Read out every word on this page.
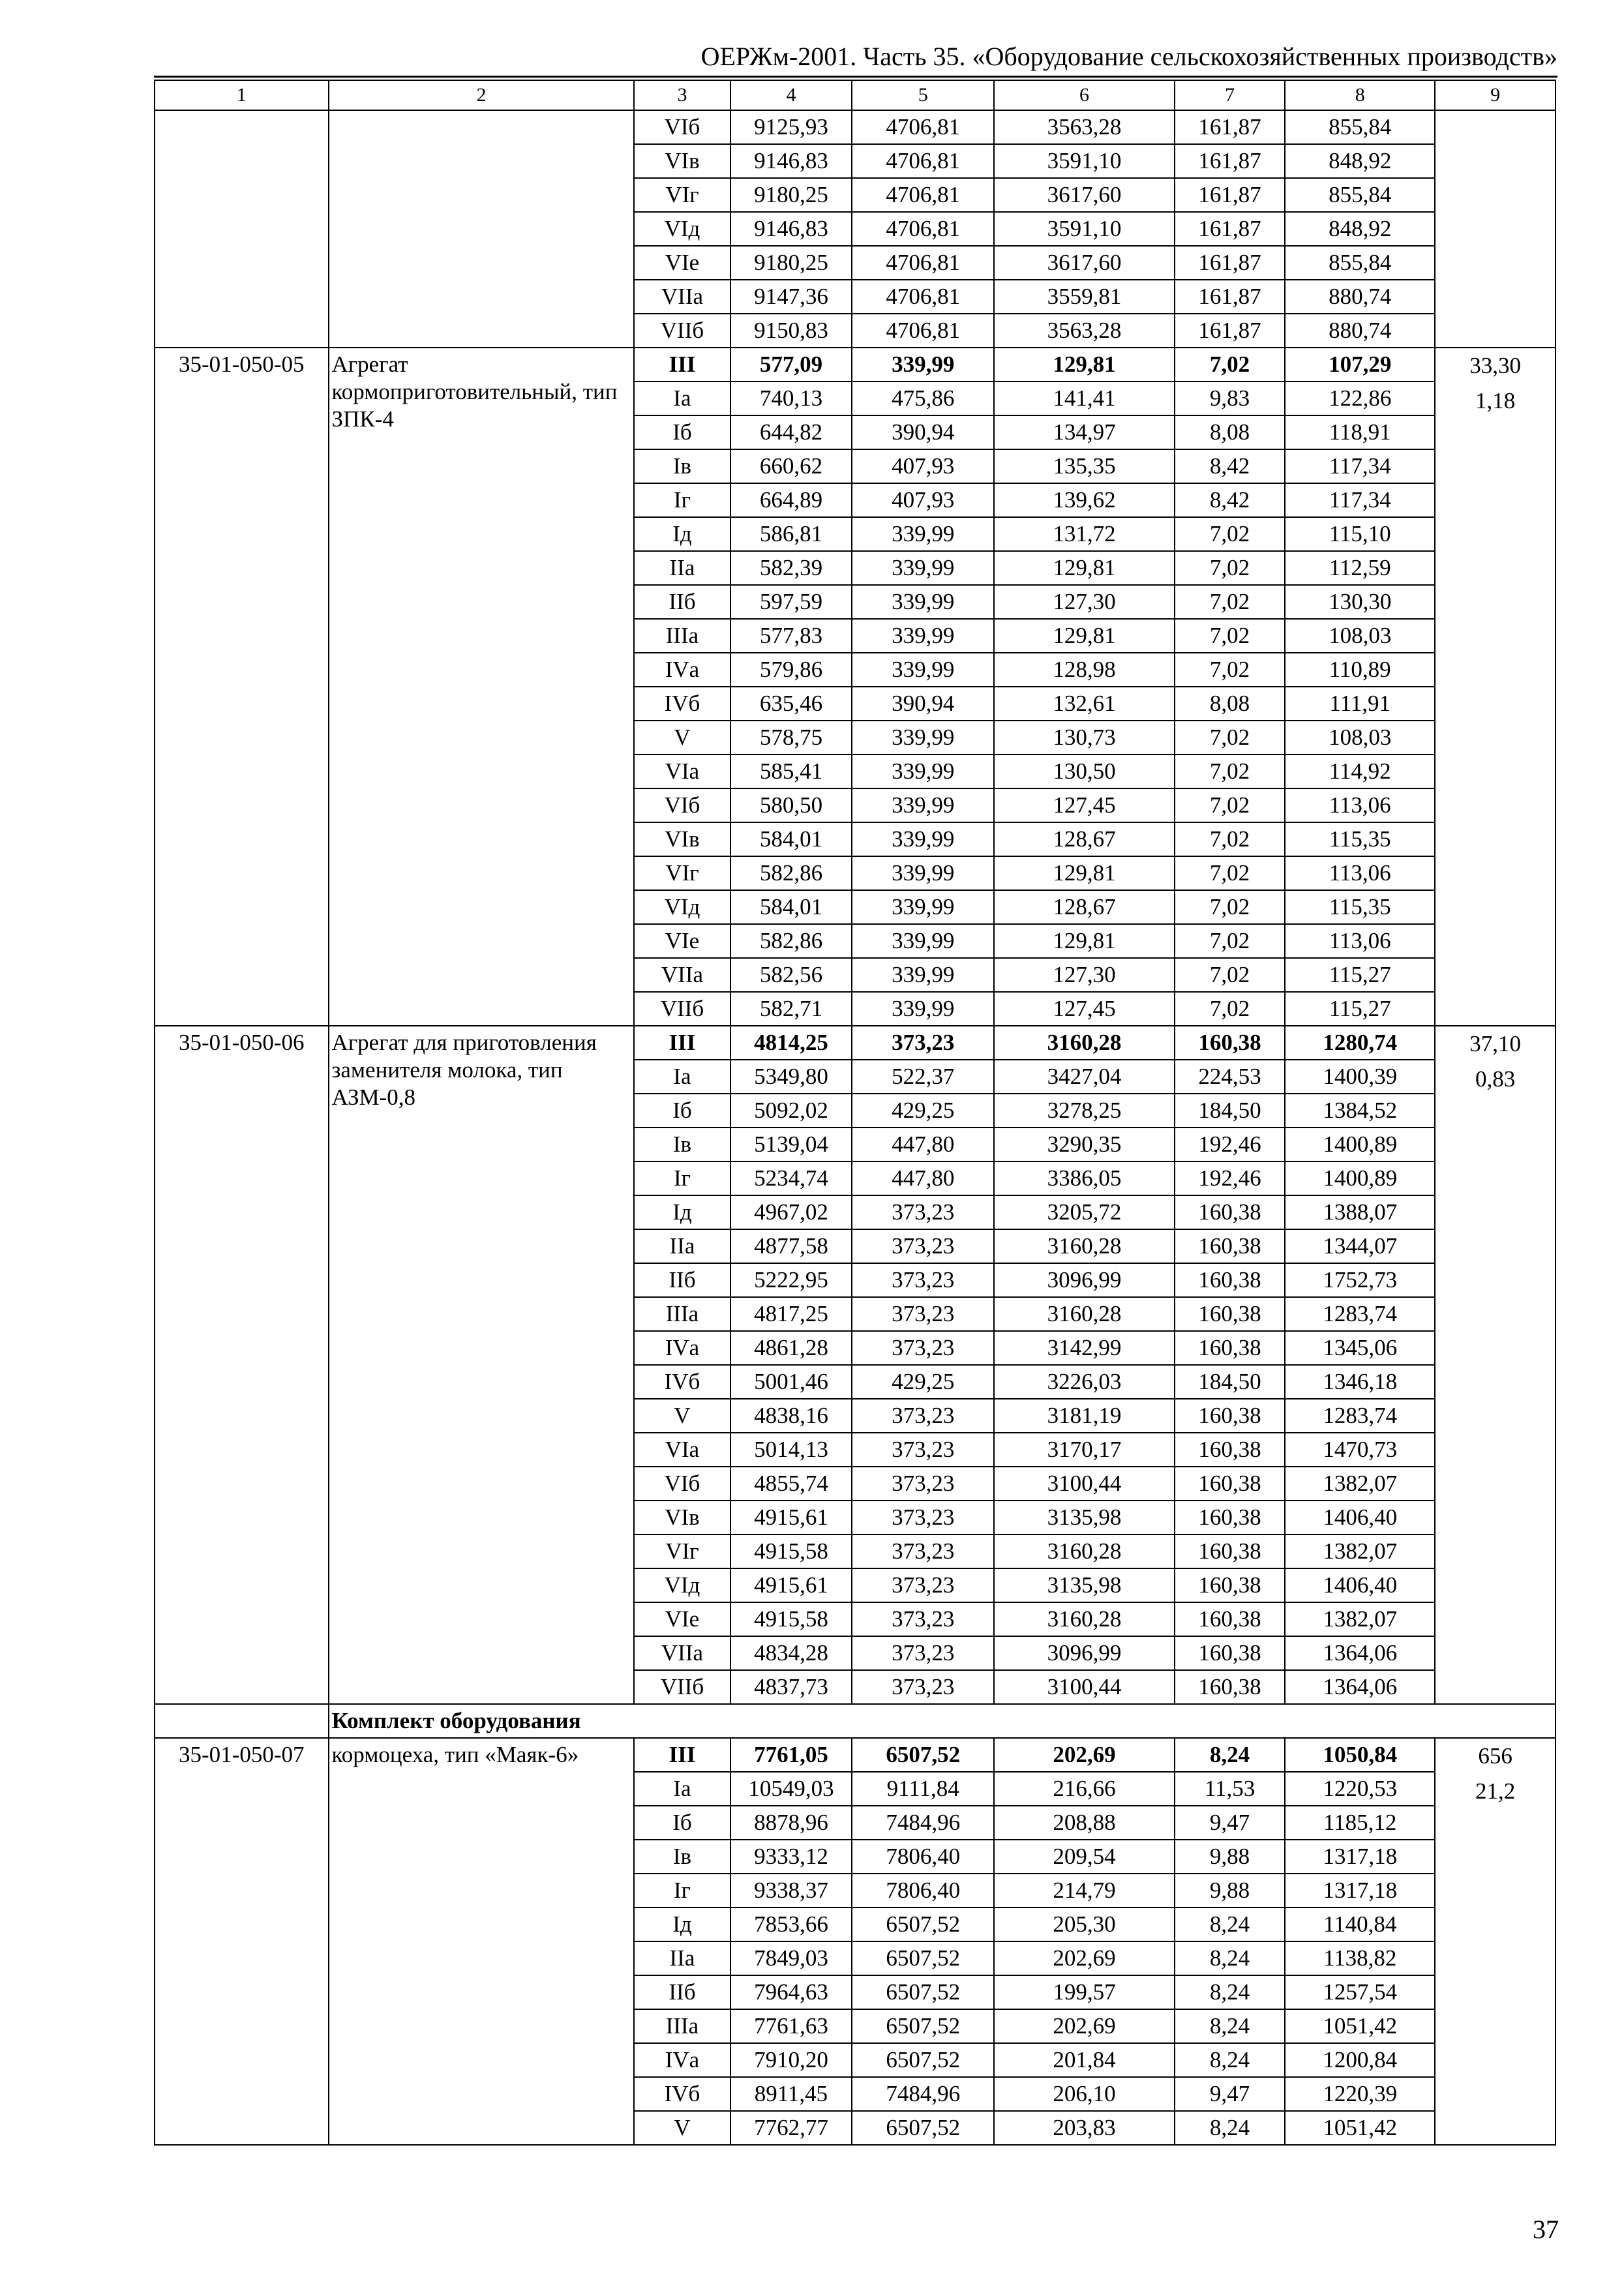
ОЕРЖм-2001. Часть 35. «Оборудование сельскохозяйственных производств»
1	2	3	4	5	6	7	8	9
		VIб	9125,93	4706,81	3563,28	161,87	855,84	
		VIв	9146,83	4706,81	3591,10	161,87	848,92	
		VIг	9180,25	4706,81	3617,60	161,87	855,84	
		VIд	9146,83	4706,81	3591,10	161,87	848,92	
		VIе	9180,25	4706,81	3617,60	161,87	855,84	
		VIIа	9147,36	4706,81	3559,81	161,87	880,74	
		VIIб	9150,83	4706,81	3563,28	161,87	880,74	
35-01-050-05	Агрегат кормоприготовительный, тип ЗПК-4	III	577,09	339,99	129,81	7,02	107,29	33,30
1,18

		Iа	740,13	475,86	141,41	9,83	122,86	
		Iб	644,82	390,94	134,97	8,08	118,91	
		Iв	660,62	407,93	135,35	8,42	117,34	
		Iг	664,89	407,93	139,62	8,42	117,34	
		Iд	586,81	339,99	131,72	7,02	115,10	
		IIа	582,39	339,99	129,81	7,02	112,59	
		IIб	597,59	339,99	127,30	7,02	130,30	
		IIIа	577,83	339,99	129,81	7,02	108,03	
		IVа	579,86	339,99	128,98	7,02	110,89	
		IVб	635,46	390,94	132,61	8,08	111,91	
		V	578,75	339,99	130,73	7,02	108,03	
		VIа	585,41	339,99	130,50	7,02	114,92	
		VIб	580,50	339,99	127,45	7,02	113,06	
		VIв	584,01	339,99	128,67	7,02	115,35	
		VIг	582,86	339,99	129,81	7,02	113,06	
		VIд	584,01	339,99	128,67	7,02	115,35	
		VIе	582,86	339,99	129,81	7,02	113,06	
		VIIа	582,56	339,99	127,30	7,02	115,27	
		VIIб	582,71	339,99	127,45	7,02	115,27	
35-01-050-06	Агрегат для приготовления заменителя молока, тип АЗМ-0,8	III	4814,25	373,23	3160,28	160,38	1280,74	37,10
0,83

		Iа	5349,80	522,37	3427,04	224,53	1400,39	
		Iб	5092,02	429,25	3278,25	184,50	1384,52	
		Iв	5139,04	447,80	3290,35	192,46	1400,89	
		Iг	5234,74	447,80	3386,05	192,46	1400,89	
		Iд	4967,02	373,23	3205,72	160,38	1388,07	
		IIа	4877,58	373,23	3160,28	160,38	1344,07	
		IIб	5222,95	373,23	3096,99	160,38	1752,73	
		IIIа	4817,25	373,23	3160,28	160,38	1283,74	
		IVа	4861,28	373,23	3142,99	160,38	1345,06	
		IVб	5001,46	429,25	3226,03	184,50	1346,18	
		V	4838,16	373,23	3181,19	160,38	1283,74	
		VIа	5014,13	373,23	3170,17	160,38	1470,73	
		VIб	4855,74	373,23	3100,44	160,38	1382,07	
		VIв	4915,61	373,23	3135,98	160,38	1406,40	
		VIг	4915,58	373,23	3160,28	160,38	1382,07	
		VIд	4915,61	373,23	3135,98	160,38	1406,40	
		VIе	4915,58	373,23	3160,28	160,38	1382,07	
		VIIа	4834,28	373,23	3096,99	160,38	1364,06	
		VIIб	4837,73	373,23	3100,44	160,38	1364,06	
	Комплект оборудования							
35-01-050-07	кормоцеха, тип «Маяк-6»	III	7761,05	6507,52	202,69	8,24	1050,84	656
21,2

		Iа	10549,03	9111,84	216,66	11,53	1220,53	
		Iб	8878,96	7484,96	208,88	9,47	1185,12	
		Iв	9333,12	7806,40	209,54	9,88	1317,18	
		Iг	9338,37	7806,40	214,79	9,88	1317,18	
		Iд	7853,66	6507,52	205,30	8,24	1140,84	
		IIа	7849,03	6507,52	202,69	8,24	1138,82	
		IIб	7964,63	6507,52	199,57	8,24	1257,54	
		IIIа	7761,63	6507,52	202,69	8,24	1051,42	
		IVа	7910,20	6507,52	201,84	8,24	1200,84	
		IVб	8911,45	7484,96	206,10	9,47	1220,39	
		V	7762,77	6507,52	203,83	8,24	1051,42	
37
